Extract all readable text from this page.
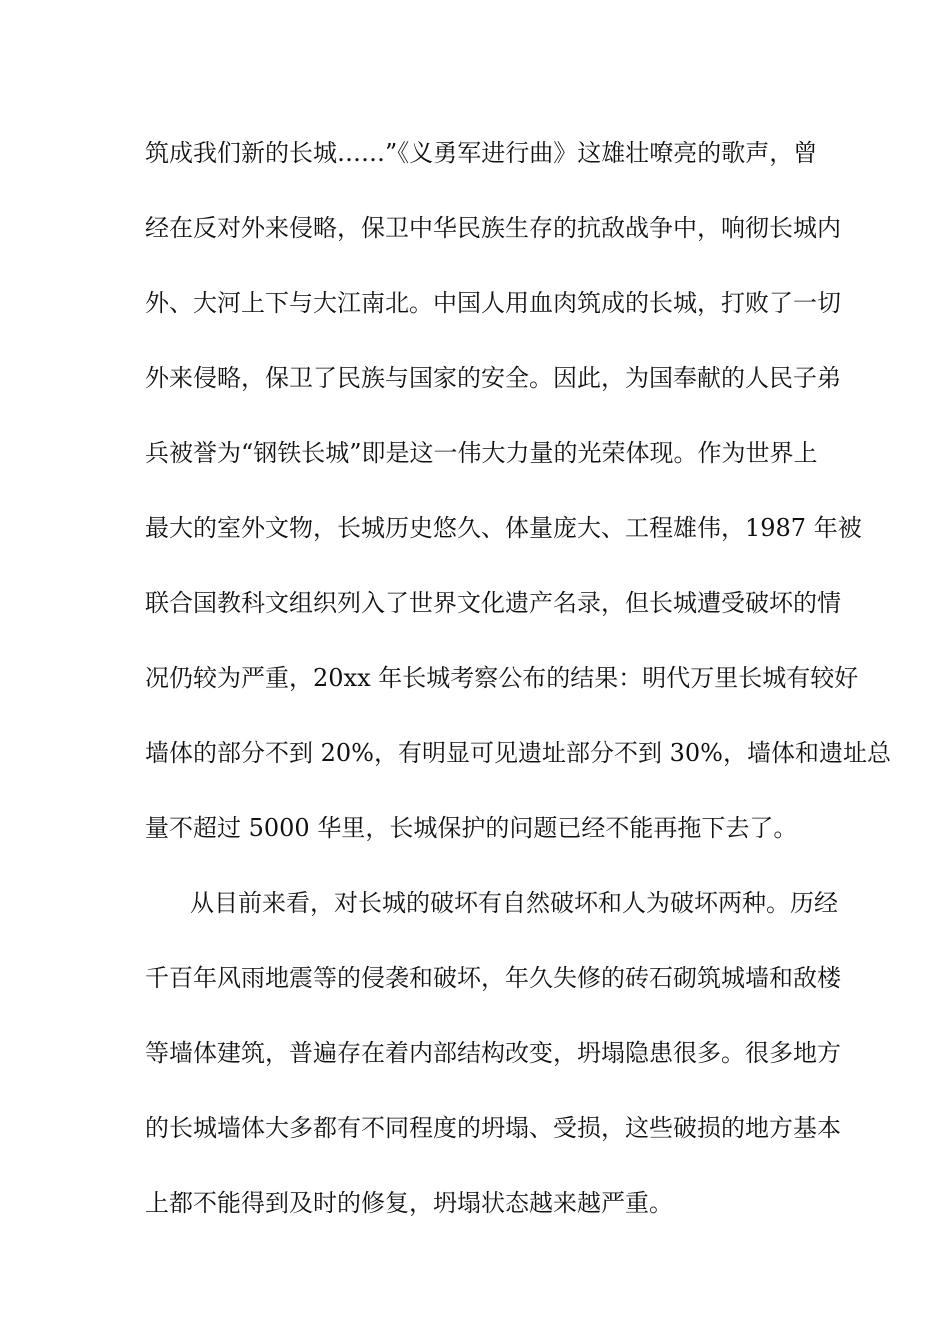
筑成我们新的长城……”《义勇军进行曲》这雄壮嘹亮的歌声，曾
经在反对外来侵略，保卫中华民族生存的抗敌战争中，响彻长城内
外、大河上下与大江南北。中国人用血肉筑成的长城，打败了一切
外来侵略，保卫了民族与国家的安全。因此，为国奉献的人民子弟
兵被誉为“钢铁长城”即是这一伟大力量的光荣体现。作为世界上
最大的室外文物，长城历史悠久、体量庞大、工程雄伟，1987 年被
联合国教科文组织列入了世界文化遗产名录，但长城遭受破坏的情
况仍较为严重，20xx 年长城考察公布的结果：明代万里长城有较好
墙体的部分不到 20%，有明显可见遗址部分不到 30%，墙体和遗址总
量不超过 5000 华里，长城保护的问题已经不能再拖下去了。
从目前来看，对长城的破坏有自然破坏和人为破坏两种。历经
千百年风雨地震等的侵袭和破坏，年久失修的砖石砌筑城墙和敌楼
等墙体建筑，普遍存在着内部结构改变，坍塌隐患很多。很多地方
的长城墙体大多都有不同程度的坍塌、受损，这些破损的地方基本
上都不能得到及时的修复，坍塌状态越来越严重。
